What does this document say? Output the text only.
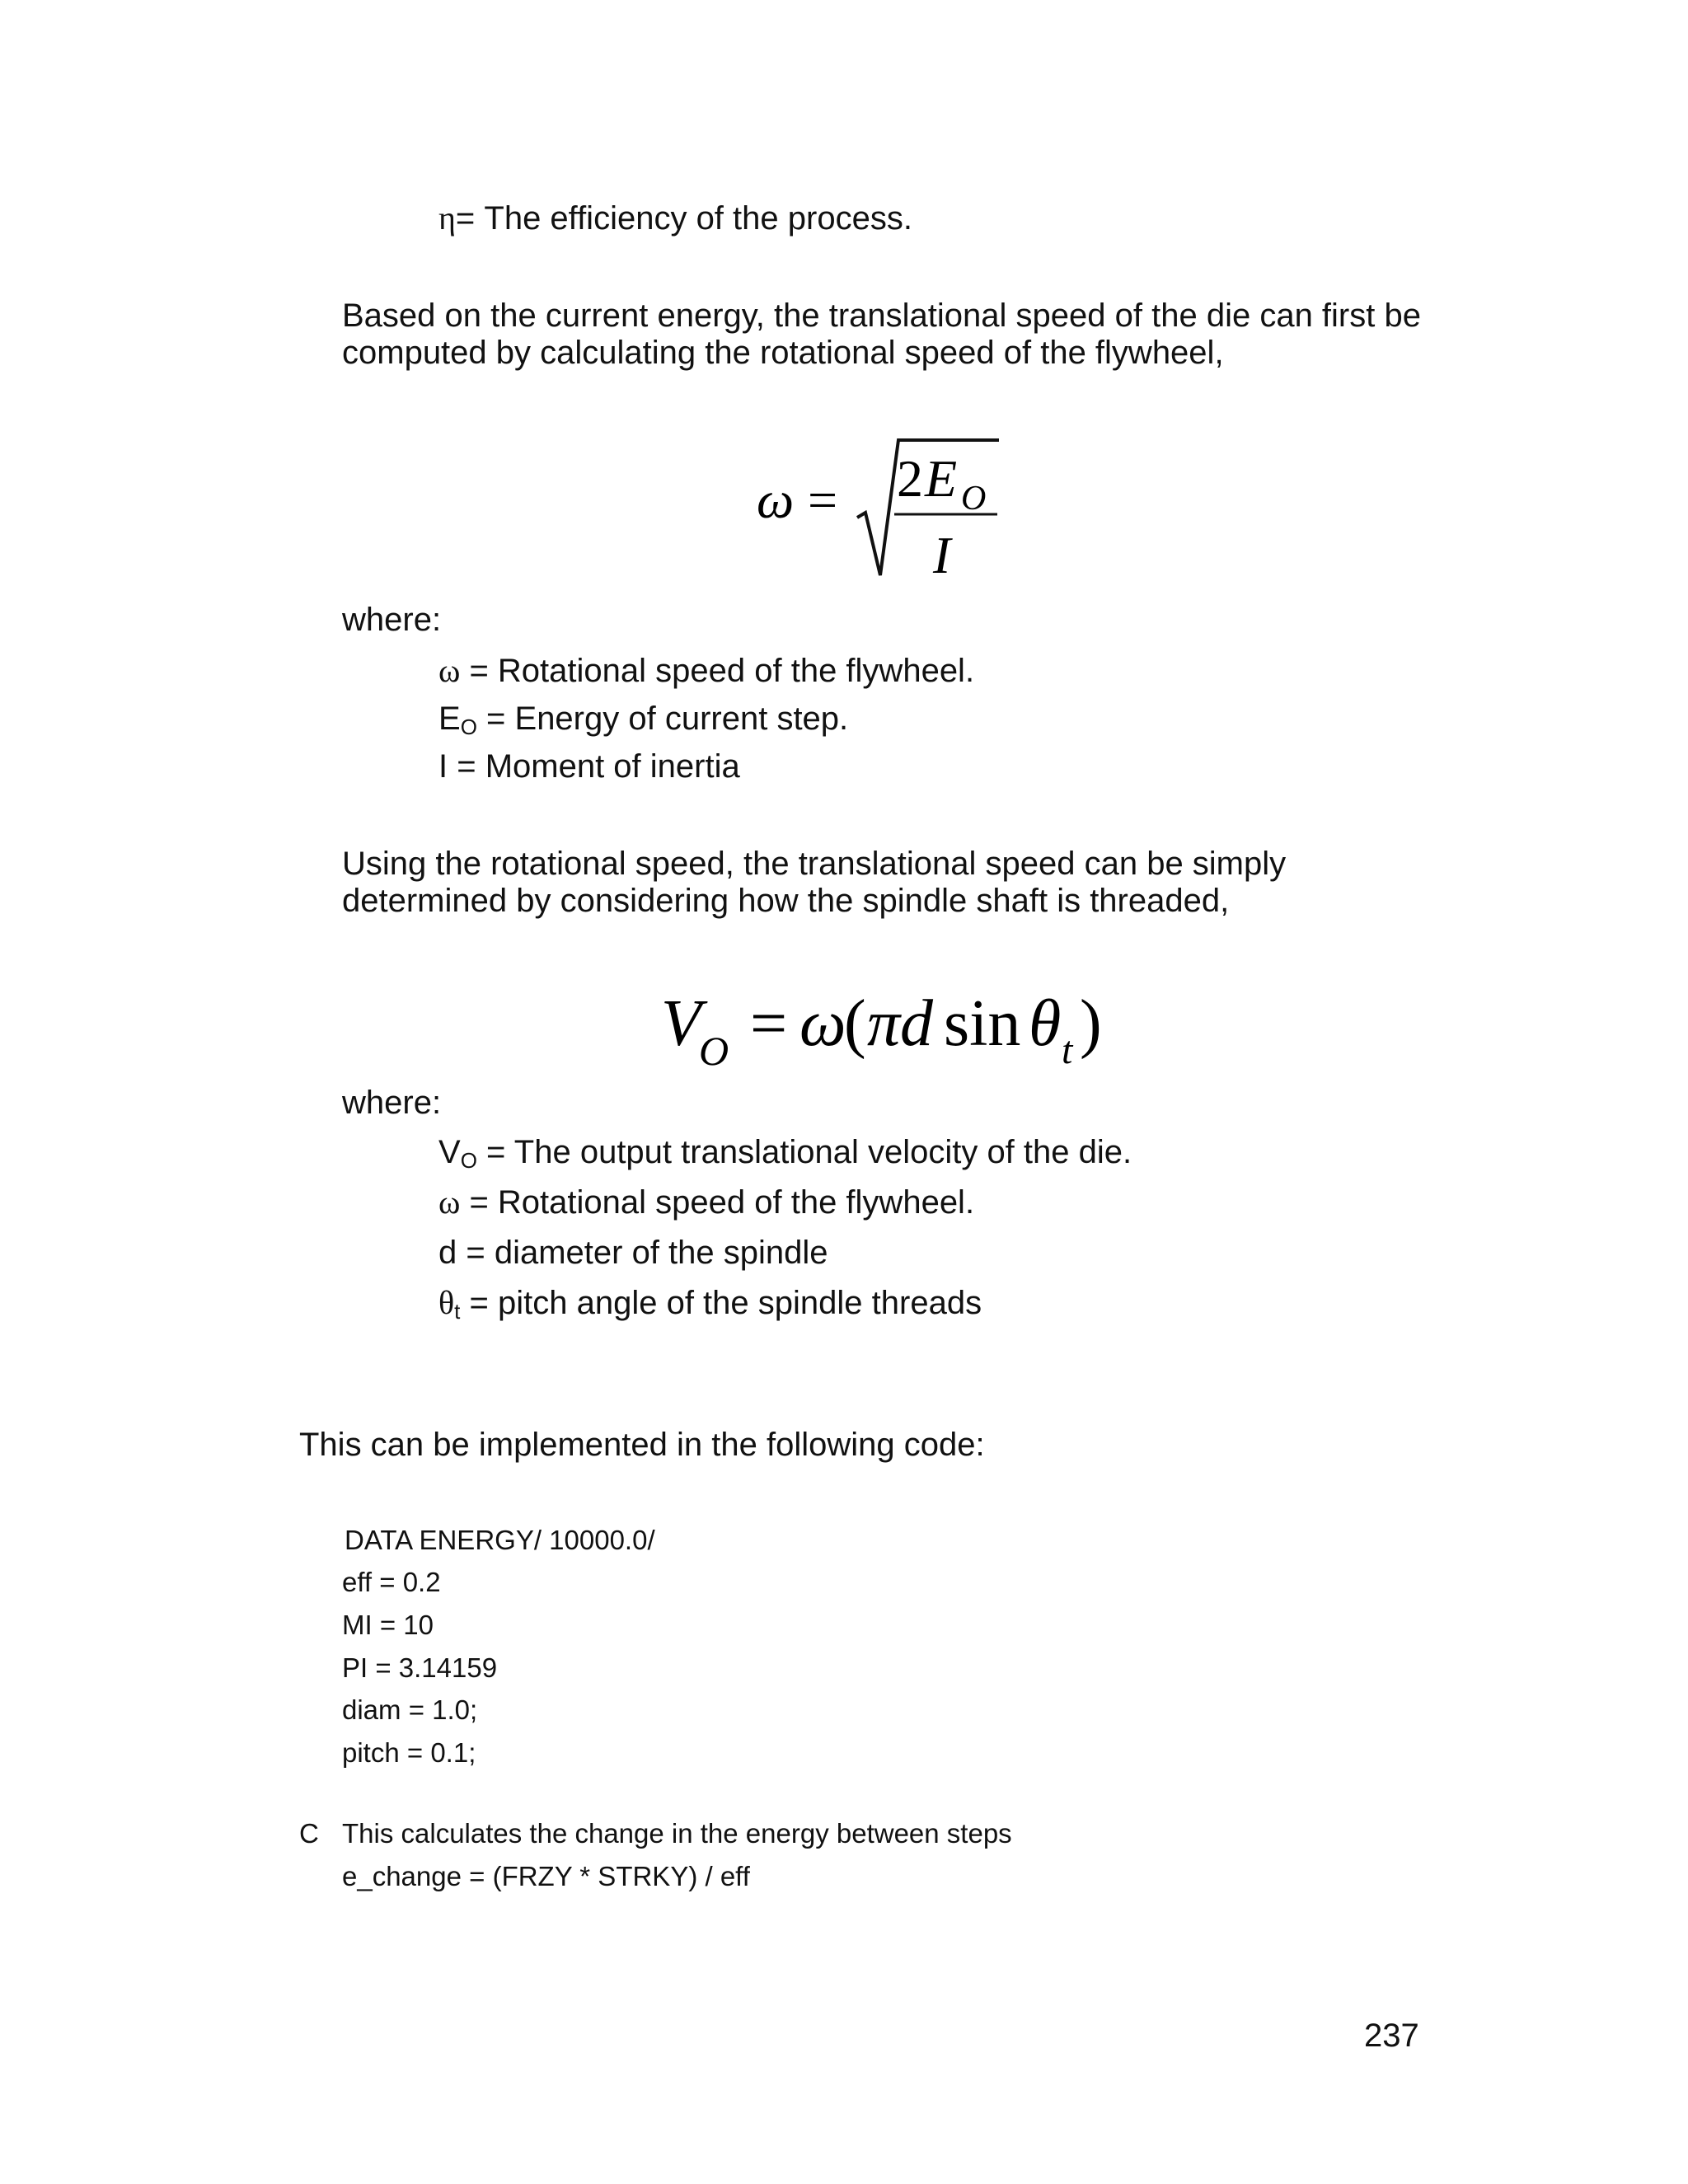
η= The efficiency of the process.
Based on the current energy, the translational speed of the die can first be
computed by calculating the rotational speed of the flywheel,
ω = 2 E O
I
where:
ω = Rotational speed of the flywheel.
$E_O$ = Energy of current step.
I = Moment of inertia
Using the rotational speed, the translational speed can be simply
determined by considering how the spindle shaft is threaded,
V
O = ω
( π d sin θ t )
where:
$V_O$ = The output translational velocity of the die.
ω = Rotational speed of the flywheel.
d = diameter of the spindle
$\theta_t$ = pitch angle of the spindle threads
This can be implemented in the following code:
DATA ENERGY/ 10000.0/
eff = 0.2
MI = 10
PI = 3.14159
diam = 1.0;
pitch = 0.1;
C This calculates the change in the energy between steps
e_change = (FRZY * STRKY) / eff
237
